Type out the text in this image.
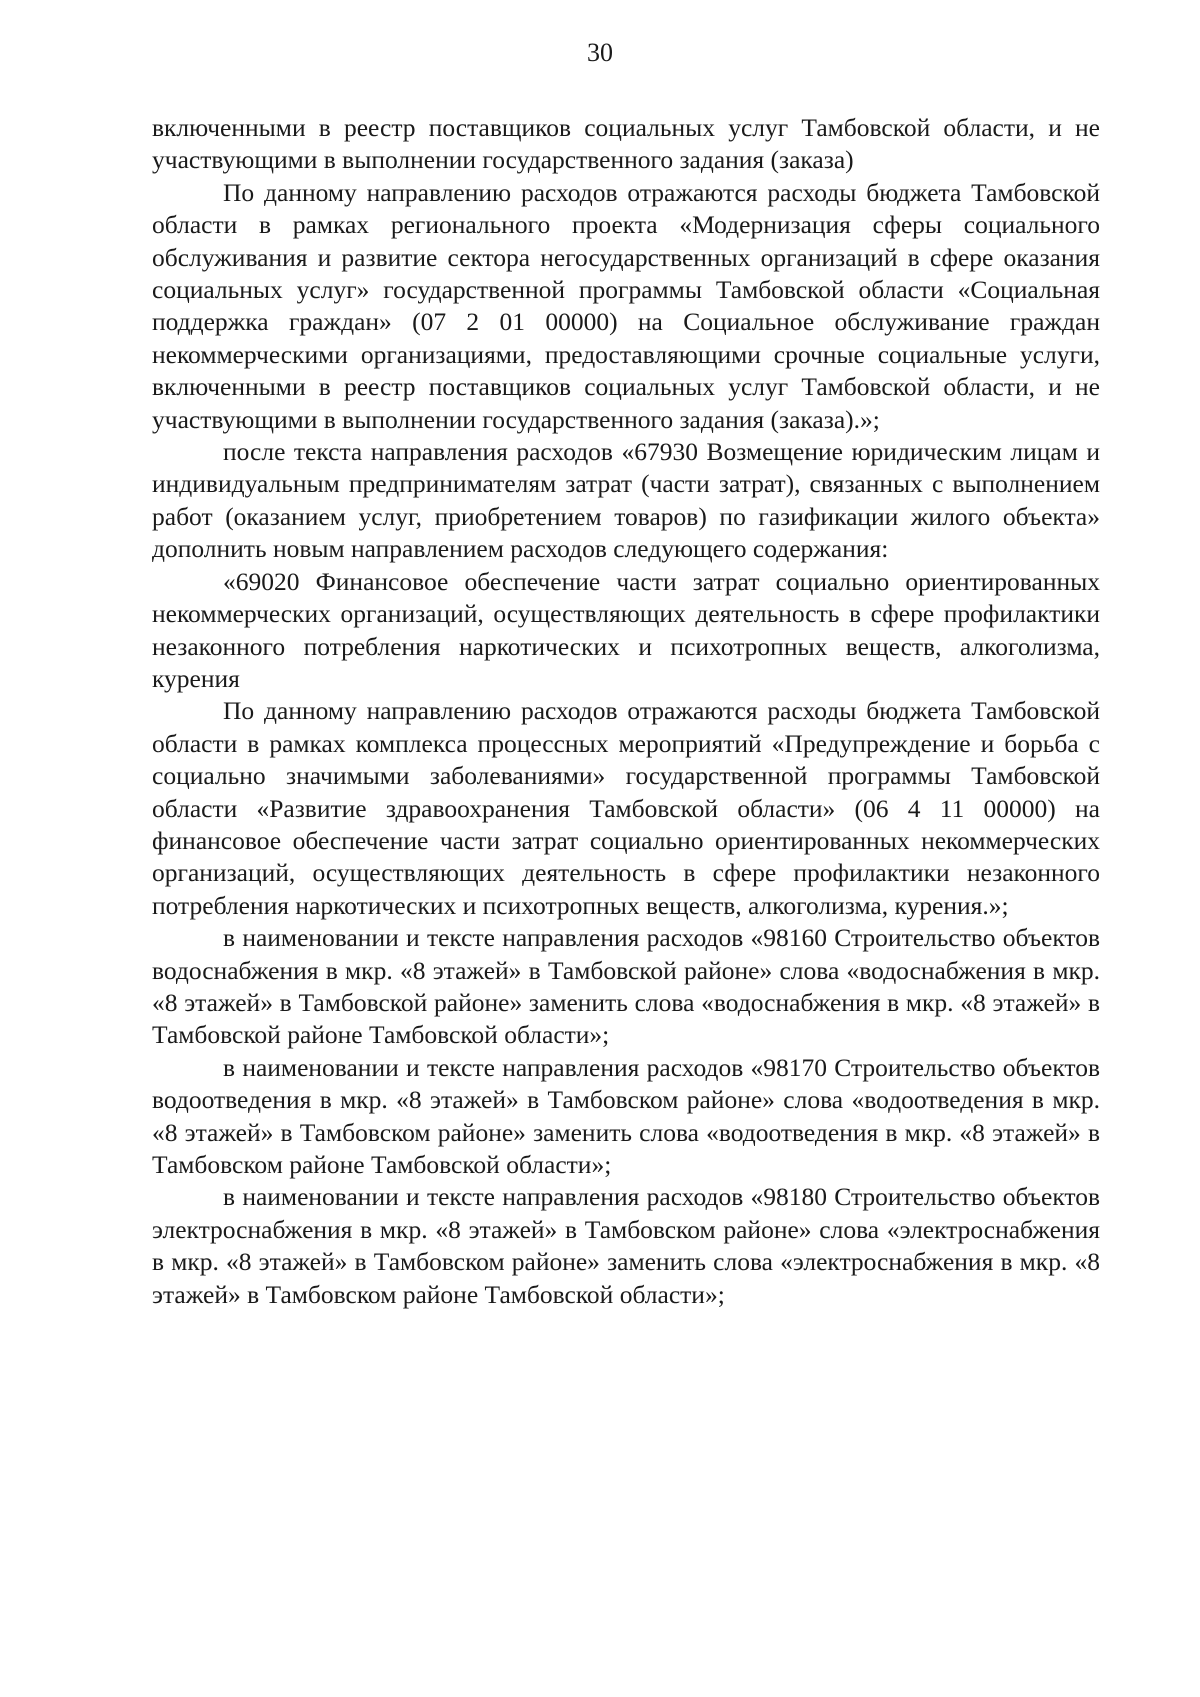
30

включенными в реестр поставщиков социальных услуг Тамбовской области, и не участвующими в выполнении государственного задания (заказа)

По данному направлению расходов отражаются расходы бюджета Тамбовской области в рамках регионального проекта «Модернизация сферы социального обслуживания и развитие сектора негосударственных организаций в сфере оказания социальных услуг» государственной программы Тамбовской области «Социальная поддержка граждан» (07 2 01 00000) на Социальное обслуживание граждан некоммерческими организациями, предоставляющими срочные социальные услуги, включенными в реестр поставщиков социальных услуг Тамбовской области, и не участвующими в выполнении государственного задания (заказа).»;

после текста направления расходов «67930 Возмещение юридическим лицам и индивидуальным предпринимателям затрат (части затрат), связанных с выполнением работ (оказанием услуг, приобретением товаров) по газификации жилого объекта» дополнить новым направлением расходов следующего содержания:

«69020 Финансовое обеспечение части затрат социально ориентированных некоммерческих организаций, осуществляющих деятельность в сфере профилактики незаконного потребления наркотических и психотропных веществ, алкоголизма, курения

По данному направлению расходов отражаются расходы бюджета Тамбовской области в рамках комплекса процессных мероприятий «Предупреждение и борьба с социально значимыми заболеваниями» государственной программы Тамбовской области «Развитие здравоохранения Тамбовской области» (06 4 11 00000) на финансовое обеспечение части затрат социально ориентированных некоммерческих организаций, осуществляющих деятельность в сфере профилактики незаконного потребления наркотических и психотропных веществ, алкоголизма, курения.»;

в наименовании и тексте направления расходов «98160 Строительство объектов водоснабжения в мкр. «8 этажей» в Тамбовской районе» слова «водоснабжения в мкр. «8 этажей» в Тамбовской районе» заменить слова «водоснабжения в мкр. «8 этажей» в Тамбовской районе Тамбовской области»;

в наименовании и тексте направления расходов «98170 Строительство объектов водоотведения в мкр. «8 этажей» в Тамбовском районе» слова «водоотведения в мкр. «8 этажей» в Тамбовском районе» заменить слова «водоотведения в мкр. «8 этажей» в Тамбовском районе Тамбовской области»;

в наименовании и тексте направления расходов «98180 Строительство объектов электроснабжения в мкр. «8 этажей» в Тамбовском районе» слова «электроснабжения в мкр. «8 этажей» в Тамбовском районе» заменить слова «электроснабжения в мкр. «8 этажей» в Тамбовском районе Тамбовской области»;
